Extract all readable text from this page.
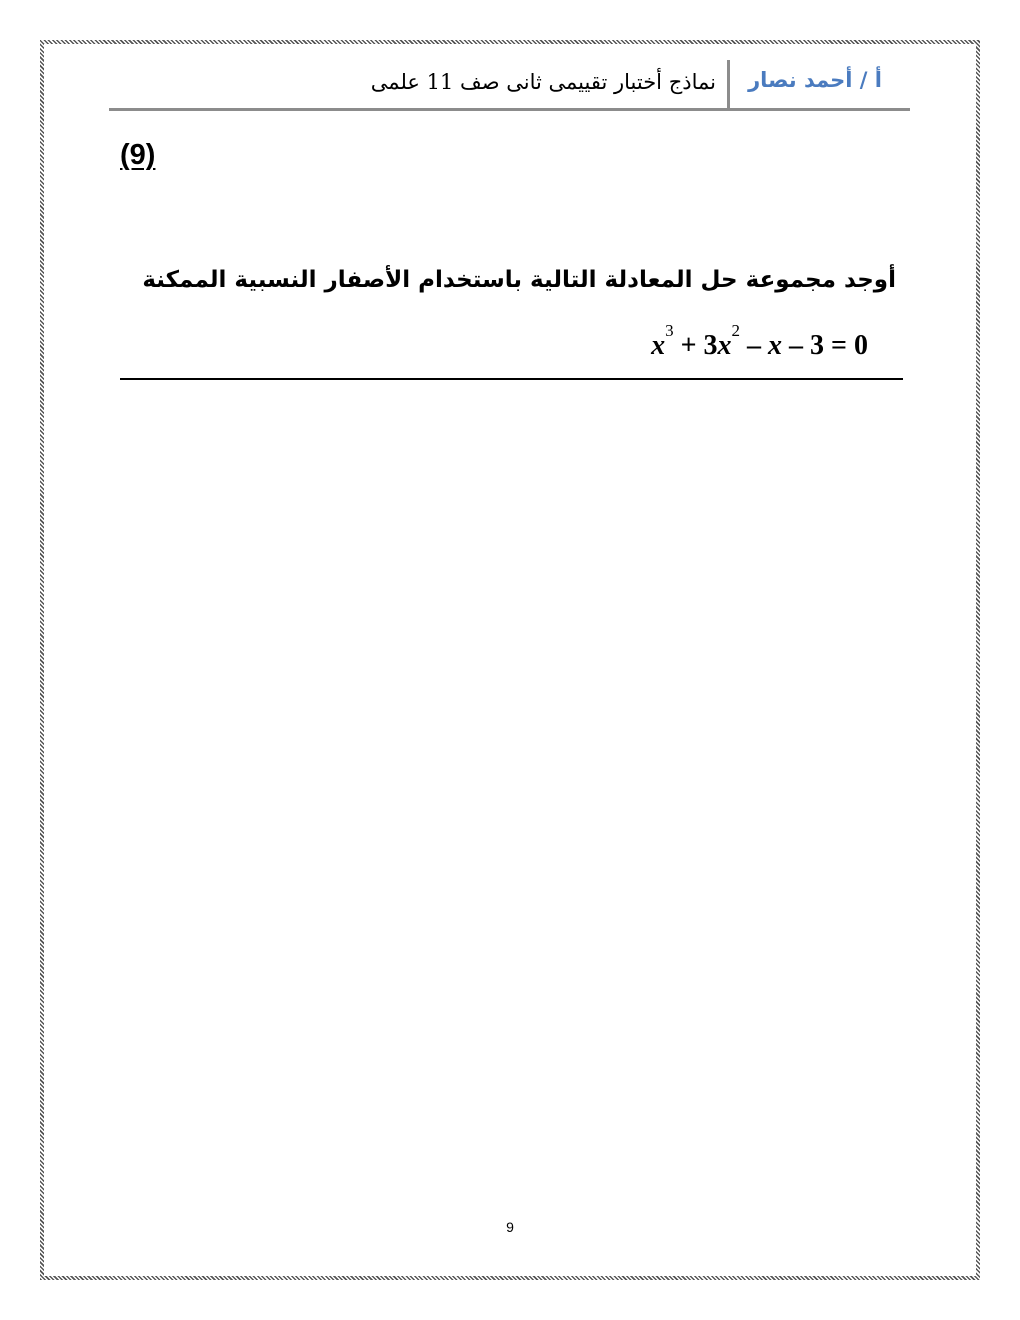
أ / أحمد نصار
نماذج أختبار تقييمى ثانى صف 11 علمى
(9)
أوجد مجموعة حل المعادلة التالية باستخدام الأصفار النسبية الممكنة
$x^3 + 3x^2 - x - 3 = 0$
9
